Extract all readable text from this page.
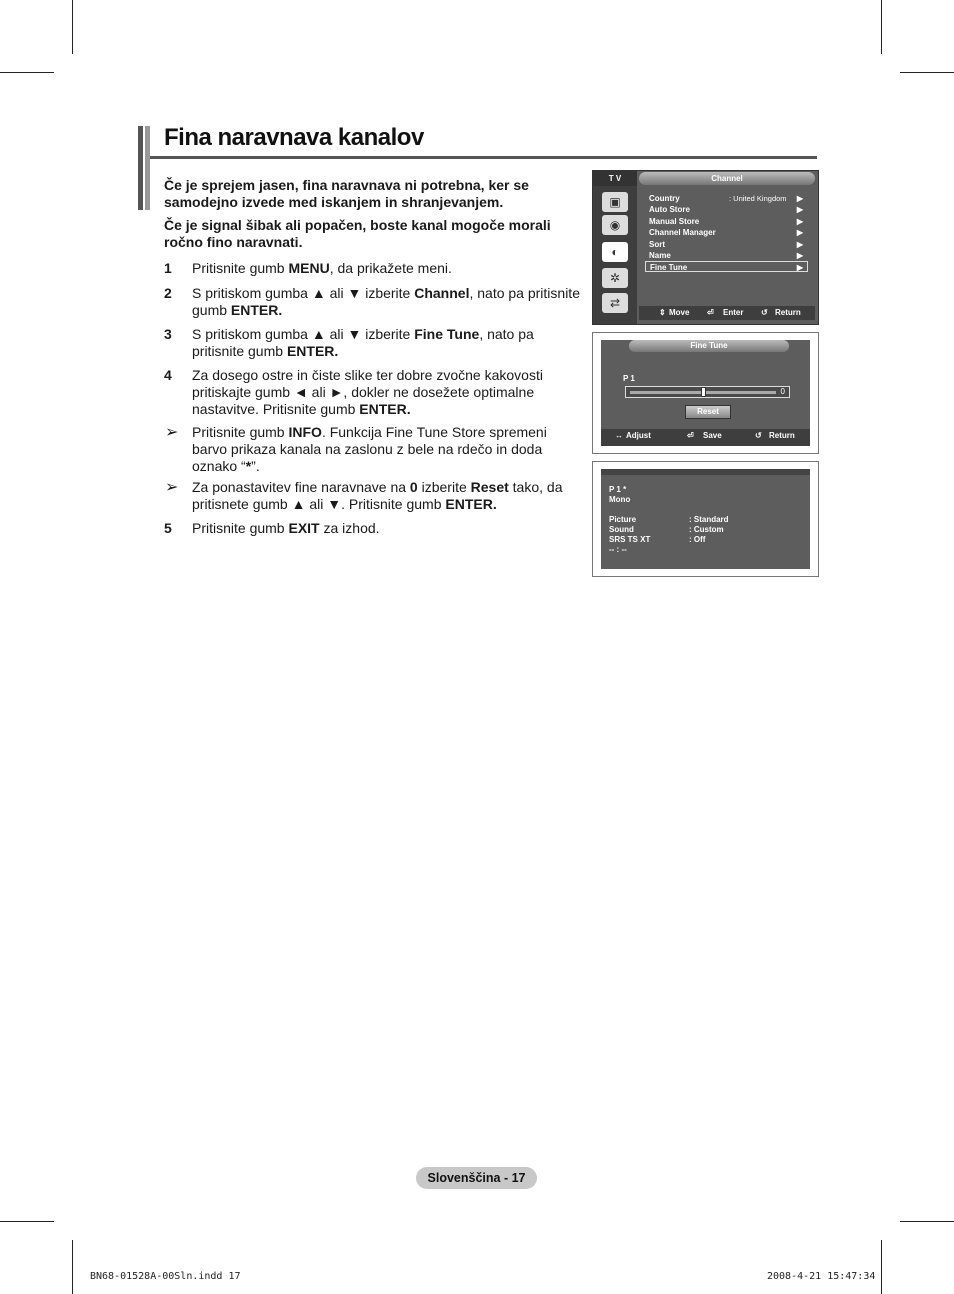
Fina naravnava kanalov

Če je sprejem jasen, fina naravnava ni potrebna, ker se samodejno izvede med iskanjem in shranjevanjem.

Če je signal šibak ali popačen, boste kanal mogoče morali ročno fino naravnati.

1 Pritisnite gumb MENU, da prikažete meni.
2 S pritiskom gumba ▲ ali ▼ izberite Channel, nato pa pritisnite gumb ENTER.
3 S pritiskom gumba ▲ ali ▼ izberite Fine Tune, nato pa pritisnite gumb ENTER.
4 Za dosego ostre in čiste slike ter dobre zvočne kakovosti pritiskajte gumb ◄ ali ►, dokler ne dosežete optimalne nastavitve. Pritisnite gumb ENTER.
➢ Pritisnite gumb INFO. Funkcija Fine Tune Store spremeni barvo prikaza kanala na zaslonu z bele na rdečo in doda oznako “*”.
➢ Za ponastavitev fine naravnave na 0 izberite Reset tako, da pritisnete gumb ▲ ali ▼. Pritisnite gumb ENTER.
5 Pritisnite gumb EXIT za izhod.
T V	Channel
▣
◉
◐
✲
⇄
Country	: United Kingdom ▶
Auto Store	▶
Manual Store	▶
Channel Manager	▶
Sort	▶
Name	▶
Fine Tune	▶
⇕ Move ⏎ Enter ↺ Return
Fine Tune
P 1
0
Reset
↔ Adjust	⏎ Save	↺ Return
P 1 *
Mono
Picture	: Standard
Sound	: Custom
SRS TS XT	: Off
-- : --
Slovenščina - 17
BN68-01528A-00Sln.indd 17	2008-4-21 15:47:34
